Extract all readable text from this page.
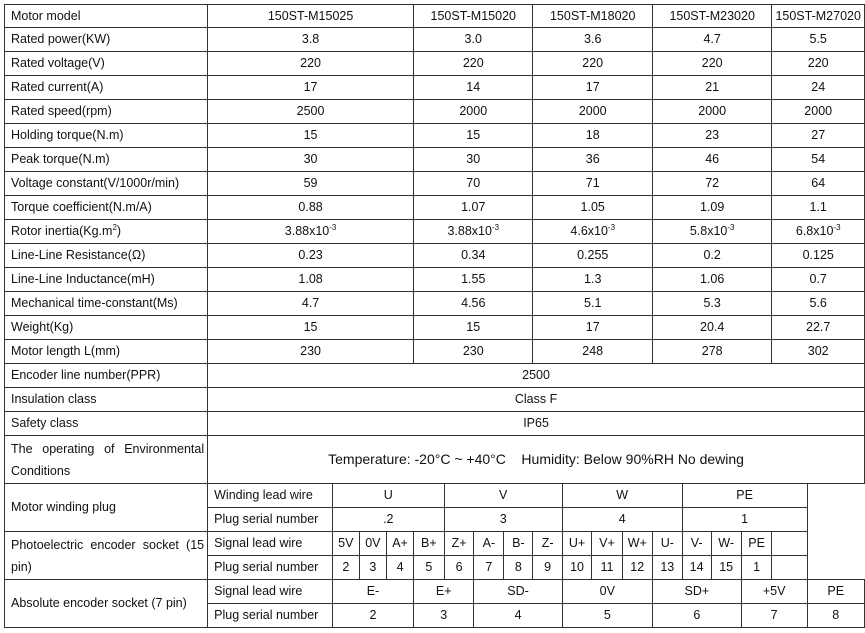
Motor model	150ST-M15025				150ST-M15020				150ST-M18020				150ST-M23020				150ST-M27020	
Rated power(KW)	3.8				3.0				3.6				4.7				5.5	
Rated voltage(V)	220				220				220				220				220	
Rated current(A)	17				14				17				21				24	
Rated speed(rpm)	2500				2000				2000				2000				2000	
Holding torque(N.m)	15				15				18				23				27	
Peak torque(N.m)	30				30				36				46				54	
Voltage constant(V/1000r/min)	59				70				71				72				64	
Torque coefficient(N.m/A)	0.88				1.07				1.05				1.09				1.1	
Rotor $inertia(Kg.m^2)$	$3.88x10^{-3}$				$3.88x10^{-3}$				$4.6x10^{-3}$				$5.8x10^{-3}$				$6.8x10^{-3}$
Line-Line Resistance(Ω)	0.23				0.34				0.255				0.2				0.125	
Line-Line Inductance(mH)	1.08				1.55				1.3				1.06				0.7	
Mechanical time-constant(Ms)	4.7				4.56				5.1				5.3				5.6	
Weight(Kg)	15				15				17				20.4				22.7	
Motor length L(mm)	230				230				248				278				302	
Encoder line number(PPR)	2500																	
Insulation class	Class F																	
Safety class	IP65																	
The operating of Environmental Conditions	Temperature: -20°C ~ +40°C    Humidity: Below 90%RH No dewing																	
Motor winding plug	Winding lead wire	U				V				W				PE				
	Plug serial number	.2				3				4				1				
Photoelectric encoder socket (15 pin)	Signal lead wire	5V	0V	A+	B+	Z+	A-	B-	Z-	U+	V+	W+	U-	V-	W-	PE		
	Plug serial number	2	3	4	5	6	7	8	9	10	11	12	13	14	15	1		
Absolute encoder socket (7 pin)	Signal lead wire	E-			E+		SD-			0V			SD+			+5V		PE
	Plug serial number	2			3		4			5			6			7		8
